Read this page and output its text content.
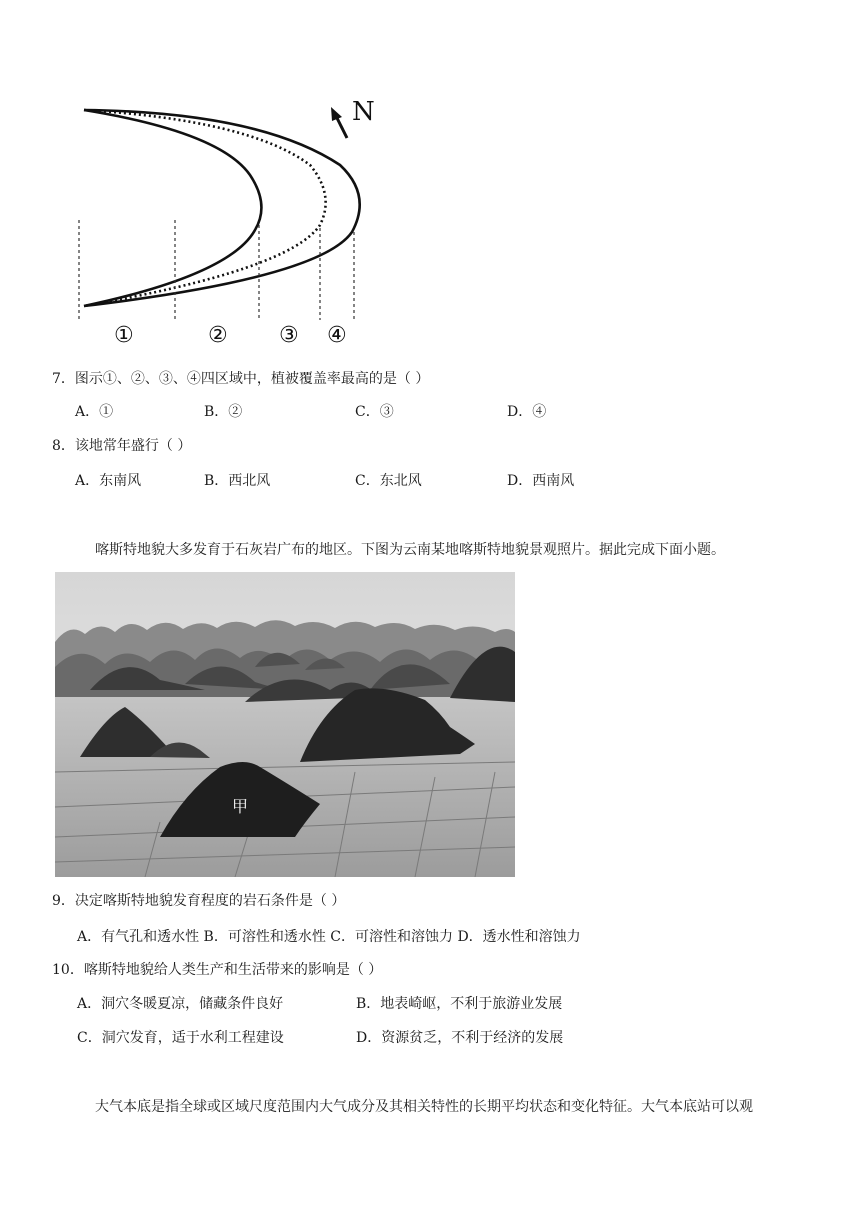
N
①	② ③ ④
7．图示①、②、③、④四区域中，植被覆盖率最高的是（ ）
A．①	B．②	C．③	D．④
8．该地常年盛行（ ）
A．东南风	B．西北风	C．东北风	D．西南风
喀斯特地貌大多发育于石灰岩广布的地区。下图为云南某地喀斯特地貌景观照片。据此完成下面小题。
甲
9．决定喀斯特地貌发育程度的岩石条件是（ ）
A．有气孔和透水性 B．可溶性和透水性 C．可溶性和溶蚀力 D．透水性和溶蚀力
10．喀斯特地貌给人类生产和生活带来的影响是（ ）
A．洞穴冬暖夏凉，储藏条件良好	B．地表崎岖，不利于旅游业发展
C．洞穴发育，适于水利工程建设	D．资源贫乏，不利于经济的发展
大气本底是指全球或区域尺度范围内大气成分及其相关特性的长期平均状态和变化特征。大气本底站可以观
